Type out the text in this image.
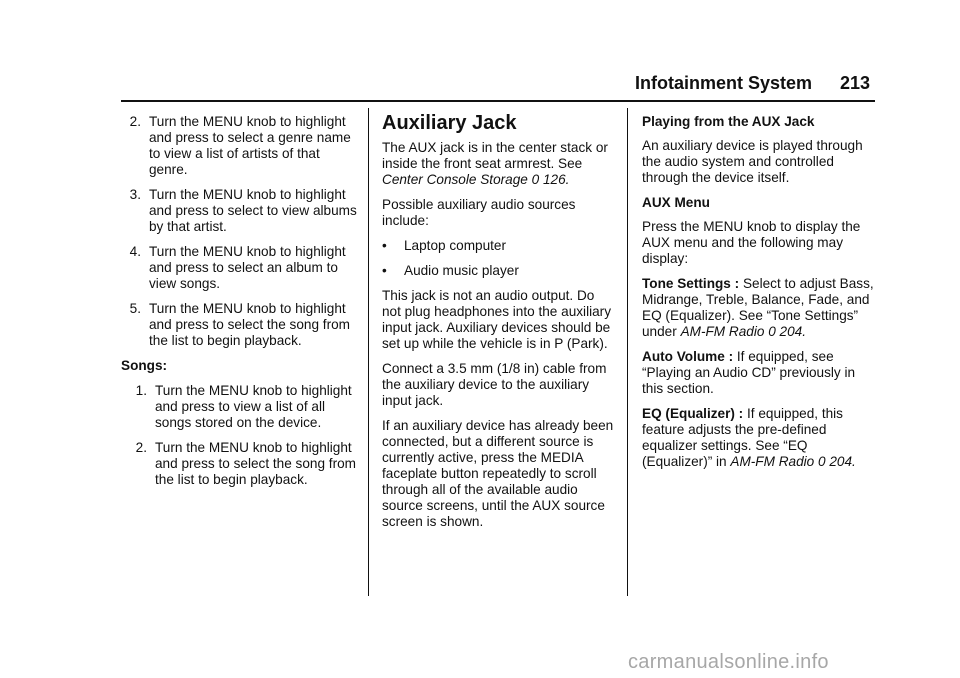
Infotainment System 213
2. Turn the MENU knob to highlight and press to select a genre name to view a list of artists of that genre.
3. Turn the MENU knob to highlight and press to select to view albums by that artist.
4. Turn the MENU knob to highlight and press to select an album to view songs.
5. Turn the MENU knob to highlight and press to select the song from the list to begin playback.

Songs:

1. Turn the MENU knob to highlight and press to view a list of all songs stored on the device.
2. Turn the MENU knob to highlight and press to select the song from the list to begin playback.
Auxiliary Jack

The AUX jack is in the center stack or inside the front seat armrest. See Center Console Storage 0 126.

Possible auxiliary audio sources include:

•
Laptop computer
•
Audio music player

This jack is not an audio output. Do not plug headphones into the auxiliary input jack. Auxiliary devices should be set up while the vehicle is in P (Park).

Connect a 3.5 mm (1/8 in) cable from the auxiliary device to the auxiliary input jack.

If an auxiliary device has already been connected, but a different source is currently active, press the MEDIA faceplate button repeatedly to scroll through all of the available audio source screens, until the AUX source screen is shown.

Playing from the AUX Jack

An auxiliary device is played through the audio system and controlled through the device itself.

AUX Menu

Press the MENU knob to display the AUX menu and the following may display:

Tone Settings : Select to adjust Bass, Midrange, Treble, Balance, Fade, and EQ (Equalizer). See “Tone Settings” under AM-FM Radio 0 204.

Auto Volume : If equipped, see “Playing an Audio CD” previously in this section.

EQ (Equalizer) : If equipped, this feature adjusts the pre-defined equalizer settings. See “EQ (Equalizer)” in AM-FM Radio 0 204.

carmanualsonline.info
